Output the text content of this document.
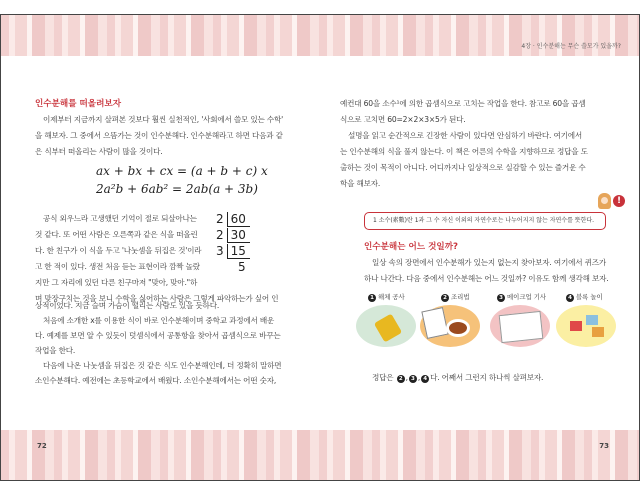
4장 · 인수분해는 무슨 쓸모가 있을까?
72	73
인수분해를 떠올려보자
이제부터 지금까지 살펴본 것보다 훨씬 실천적인, '사회에서 쓸모 있는 수학'
을 해보자. 그 중에서 으뜸가는 것이 인수분해다. 인수분해라고 하면 다음과 같
은 식부터 떠올리는 사람이 많을 것이다.
ax + bx + cx = (a + b + c) x
2a²b + 6ab² = 2ab(a + 3b)
2 60
2 30
3 15
5
공식 외우느라 고생했던 기억이 절로 되살아나는
것 같다. 또 어떤 사람은 오른쪽과 같은 식을 떠올린
다. 한 친구가 이 식을 두고 '나눗셈을 뒤집은 것'이라
고 한 적이 있다. 생전 처음 듣는 표현이라 깜짝 놀랐
지만 그 자리에 있던 다른 친구마저 "맞아, 맞아."하
며 맞장구치는 것을 보니 수학을 싫어하는 사람은 그렇게 파악하는가 싶어 인
상적이었다. 지금 슬며 가슴이 떨리는 사람도 있을 듯하다.
처음에 소개한 x를 이용한 식이 바로 인수분해이며 중학교 과정에서 배운
다. 예제를 보면 알 수 있듯이 덧셈식에서 공통항을 찾아서 곱셈식으로 바꾸는
작업을 한다.
다음에 나온 나눗셈을 뒤집은 것 같은 식도 인수분해인데, 더 정확히 말하면
소인수분해다. 예전에는 초등학교에서 배웠다. 소인수분해에서는 어떤 숫자,
예컨대 60을 소수¹에 의한 곱셈식으로 고치는 작업을 한다. 참고로 60을 곱셈
식으로 고치면 60=2×2×3×5가 된다.
설명을 읽고 순간적으로 긴장한 사람이 있다면 안심하기 바란다. 여기에서
는 인수분해의 식을 풀지 않는다. 이 책은 어른의 수학을 지향하므로 정답을 도
출하는 것이 목적이 아니다. 어디까지나 일상적으로 실감할 수 있는 즐거운 수
학을 해보자.
!
1 소수(素數)란 1과 그 수 자신 이외의 자연수로는 나누어지지 않는 자연수를 뜻한다.
인수분해는 어느 것일까?
일상 속의 장면에서 인수분해가 있는지 없는지 찾아보자. 여기에서 퀴즈가
하나 나간다. 다음 중에서 인수분해는 어느 것일까? 이유도 함께 생각해 보자.
1 해체 공사	2 조리법	3 메이크업 기사	4 블록 놀이
정답은 2 , 3 , 4 다. 어째서 그런지 하나씩 살펴보자.
